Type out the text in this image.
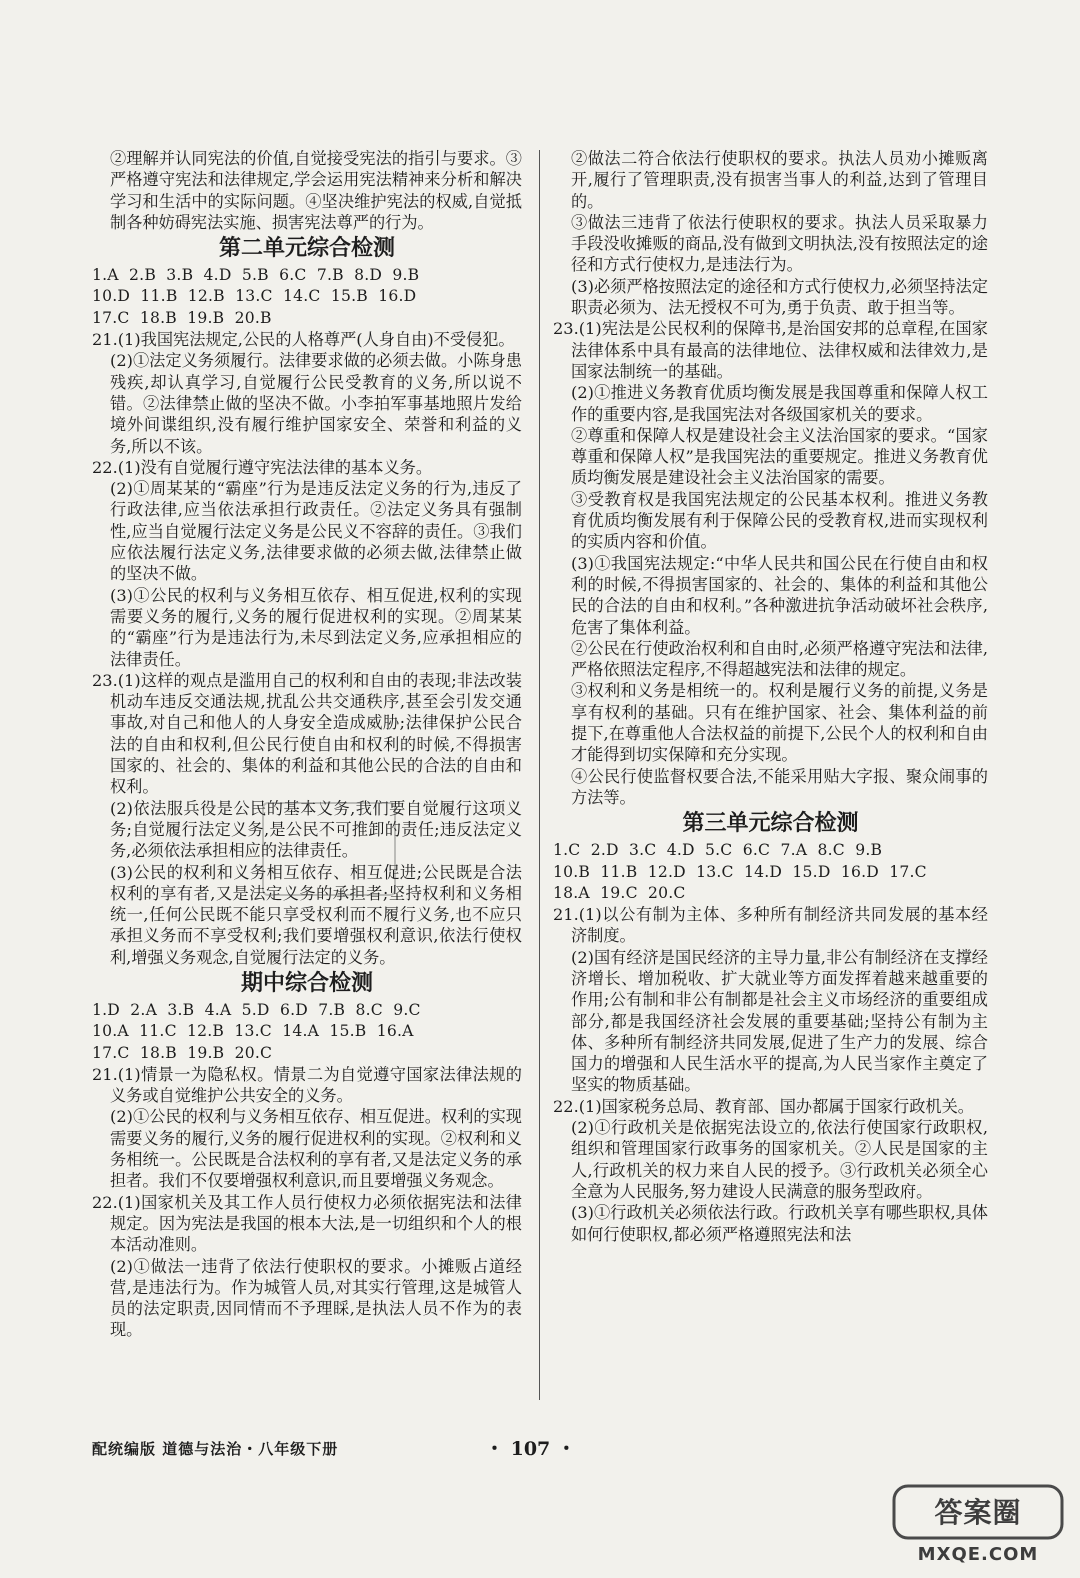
②理解并认同宪法的价值,自觉接受宪法的指引与要求。③严格遵守宪法和法律规定,学会运用宪法精神来分析和解决学习和生活中的实际问题。④坚决维护宪法的权威,自觉抵制各种妨碍宪法实施、损害宪法尊严的行为。

第二单元综合检测

1.A  2.B  3.B  4.D  5.B  6.C  7.B  8.D  9.B

10.D  11.B  12.B  13.C  14.C  15.B  16.D

17.C  18.B  19.B  20.B

21.(1)我国宪法规定,公民的人格尊严(人身自由)不受侵犯。

(2)①法定义务须履行。法律要求做的必须去做。小陈身患残疾,却认真学习,自觉履行公民受教育的义务,所以说不错。②法律禁止做的坚决不做。小李拍军事基地照片发给境外间谍组织,没有履行维护国家安全、荣誉和利益的义务,所以不该。

22.(1)没有自觉履行遵守宪法法律的基本义务。

(2)①周某某的“霸座”行为是违反法定义务的行为,违反了行政法律,应当依法承担行政责任。②法定义务具有强制性,应当自觉履行法定义务是公民义不容辞的责任。③我们应依法履行法定义务,法律要求做的必须去做,法律禁止做的坚决不做。

(3)①公民的权利与义务相互依存、相互促进,权利的实现需要义务的履行,义务的履行促进权利的实现。②周某某的“霸座”行为是违法行为,未尽到法定义务,应承担相应的法律责任。

23.(1)这样的观点是滥用自己的权利和自由的表现;非法改装机动车违反交通法规,扰乱公共交通秩序,甚至会引发交通事故,对自己和他人的人身安全造成威胁;法律保护公民合法的自由和权利,但公民行使自由和权利的时候,不得损害国家的、社会的、集体的利益和其他公民的合法的自由和权利。

(2)依法服兵役是公民的基本义务,我们要自觉履行这项义务;自觉履行法定义务,是公民不可推卸的责任;违反法定义务,必须依法承担相应的法律责任。

(3)公民的权利和义务相互依存、相互促进;公民既是合法权利的享有者,又是法定义务的承担者;坚持权利和义务相统一,任何公民既不能只享受权利而不履行义务,也不应只承担义务而不享受权利;我们要增强权利意识,依法行使权利,增强义务观念,自觉履行法定的义务。

期中综合检测

1.D  2.A  3.B  4.A  5.D  6.D  7.B  8.C  9.C

10.A  11.C  12.B  13.C  14.A  15.B  16.A

17.C  18.B  19.B  20.C

21.(1)情景一为隐私权。情景二为自觉遵守国家法律法规的义务或自觉维护公共安全的义务。

(2)①公民的权利与义务相互依存、相互促进。权利的实现需要义务的履行,义务的履行促进权利的实现。②权利和义务相统一。公民既是合法权利的享有者,又是法定义务的承担者。我们不仅要增强权利意识,而且要增强义务观念。

22.(1)国家机关及其工作人员行使权力必须依据宪法和法律规定。因为宪法是我国的根本大法,是一切组织和个人的根本活动准则。

(2)①做法一违背了依法行使职权的要求。小摊贩占道经营,是违法行为。作为城管人员,对其实行管理,这是城管人员的法定职责,因同情而不予理睬,是执法人员不作为的表现。

②做法二符合依法行使职权的要求。执法人员劝小摊贩离开,履行了管理职责,没有损害当事人的利益,达到了管理目的。

③做法三违背了依法行使职权的要求。执法人员采取暴力手段没收摊贩的商品,没有做到文明执法,没有按照法定的途径和方式行使权力,是违法行为。

(3)必须严格按照法定的途径和方式行使权力,必须坚持法定职责必须为、法无授权不可为,勇于负责、敢于担当等。

23.(1)宪法是公民权利的保障书,是治国安邦的总章程,在国家法律体系中具有最高的法律地位、法律权威和法律效力,是国家法制统一的基础。

(2)①推进义务教育优质均衡发展是我国尊重和保障人权工作的重要内容,是我国宪法对各级国家机关的要求。

②尊重和保障人权是建设社会主义法治国家的要求。“国家尊重和保障人权”是我国宪法的重要规定。推进义务教育优质均衡发展是建设社会主义法治国家的需要。

③受教育权是我国宪法规定的公民基本权利。推进义务教育优质均衡发展有利于保障公民的受教育权,进而实现权利的实质内容和价值。

(3)①我国宪法规定:“中华人民共和国公民在行使自由和权利的时候,不得损害国家的、社会的、集体的利益和其他公民的合法的自由和权利。”各种激进抗争活动破坏社会秩序,危害了集体利益。

②公民在行使政治权利和自由时,必须严格遵守宪法和法律,严格依照法定程序,不得超越宪法和法律的规定。

③权利和义务是相统一的。权利是履行义务的前提,义务是享有权利的基础。只有在维护国家、社会、集体利益的前提下,在尊重他人合法权益的前提下,公民个人的权利和自由才能得到切实保障和充分实现。

④公民行使监督权要合法,不能采用贴大字报、聚众闹事的方法等。

第三单元综合检测

1.C  2.D  3.C  4.D  5.C  6.C  7.A  8.C  9.B

10.B  11.B  12.D  13.C  14.D  15.D  16.D  17.C

18.A  19.C  20.C

21.(1)以公有制为主体、多种所有制经济共同发展的基本经济制度。

(2)国有经济是国民经济的主导力量,非公有制经济在支撑经济增长、增加税收、扩大就业等方面发挥着越来越重要的作用;公有制和非公有制都是社会主义市场经济的重要组成部分,都是我国经济社会发展的重要基础;坚持公有制为主体、多种所有制经济共同发展,促进了生产力的发展、综合国力的增强和人民生活水平的提高,为人民当家作主奠定了坚实的物质基础。

22.(1)国家税务总局、教育部、国办都属于国家行政机关。

(2)①行政机关是依据宪法设立的,依法行使国家行政职权,组织和管理国家行政事务的国家机关。②人民是国家的主人,行政机关的权力来自人民的授予。③行政机关必须全心全意为人民服务,努力建设人民满意的服务型政府。

(3)①行政机关必须依法行政。行政机关享有哪些职权,具体如何行使职权,都必须严格遵照宪法和法

配统编版 道德与法治・八年级下册	・ 107 ・
答案圈
MXQE.COM
